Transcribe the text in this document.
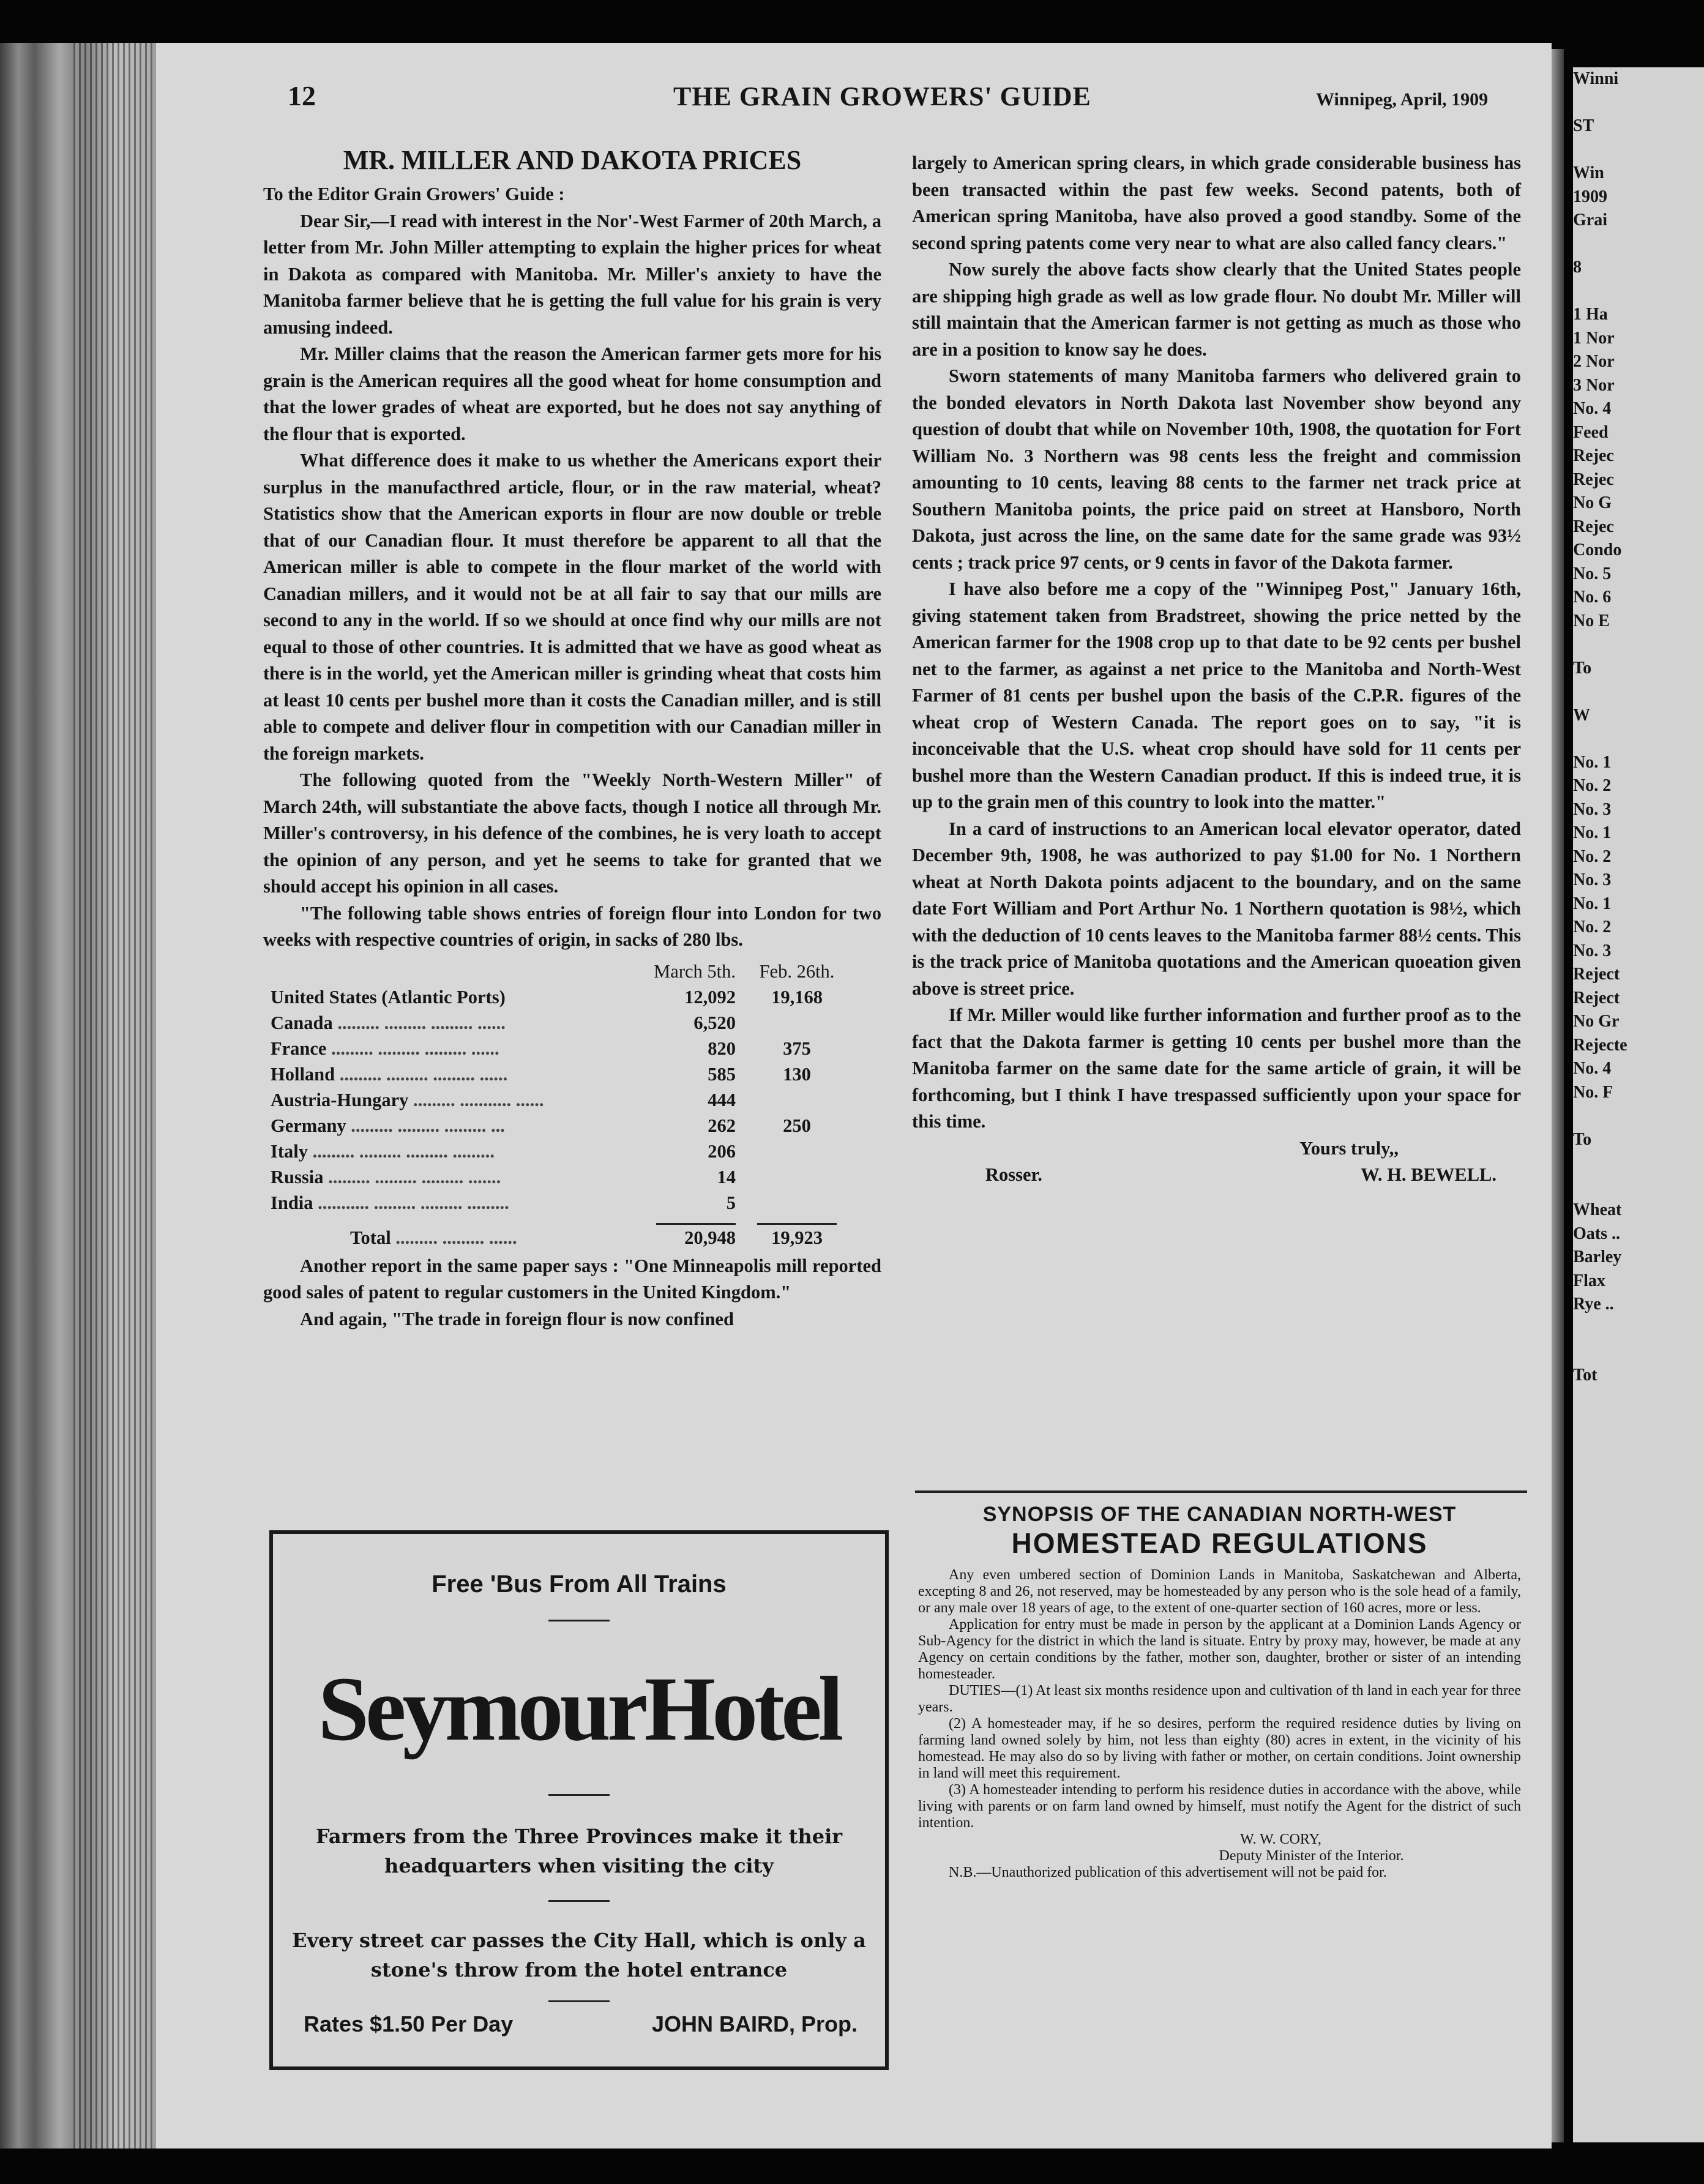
12	THE GRAIN GROWERS' GUIDE	Winnipeg, April, 1909
MR. MILLER AND DAKOTA PRICES

To the Editor Grain Growers' Guide :

Dear Sir,—I read with interest in the Nor'-West Farmer of 20th March, a letter from Mr. John Miller attempting to explain the higher prices for wheat in Dakota as compared with Manitoba. Mr. Miller's anxiety to have the Manitoba farmer believe that he is getting the full value for his grain is very amusing indeed.

Mr. Miller claims that the reason the American farmer gets more for his grain is the American requires all the good wheat for home consumption and that the lower grades of wheat are exported, but he does not say anything of the flour that is exported.

What difference does it make to us whether the Americans export their surplus in the manufacthred article, flour, or in the raw material, wheat? Statistics show that the American exports in flour are now double or treble that of our Canadian flour. It must therefore be apparent to all that the American miller is able to compete in the flour market of the world with Canadian millers, and it would not be at all fair to say that our mills are second to any in the world. If so we should at once find why our mills are not equal to those of other countries. It is admitted that we have as good wheat as there is in the world, yet the American miller is grinding wheat that costs him at least 10 cents per bushel more than it costs the Canadian miller, and is still able to compete and deliver flour in competition with our Canadian miller in the foreign markets.

The following quoted from the "Weekly North-Western Miller" of March 24th, will substantiate the above facts, though I notice all through Mr. Miller's controversy, in his defence of the combines, he is very loath to accept the opinion of any person, and yet he seems to take for granted that we should accept his opinion in all cases.

"The following table shows entries of foreign flour into London for two weeks with respective countries of origin, in sacks of 280 lbs.

	March 5th.	Feb. 26th.
United States (Atlantic Ports)	12,092	19,168
Canada ......... ......... ......... ......	6,520	
France ......... ......... ......... ......	820	375
Holland ......... ......... ......... ......	585	130
Austria-Hungary ......... ........... ......	444	
Germany ......... ......... ......... ...	262	250
Italy ......... ......... ......... .........	206	
Russia ......... ......... ......... .......	14	
India ........... ......... ......... .........	5	

Total ......... ......... ......	20,948	19,923

Another report in the same paper says : "One Minneapolis mill reported good sales of patent to regular customers in the United Kingdom."

And again, "The trade in foreign flour is now confined

largely to American spring clears, in which grade considerable business has been transacted within the past few weeks. Second patents, both of American spring Manitoba, have also proved a good standby. Some of the second spring patents come very near to what are also called fancy clears."

Now surely the above facts show clearly that the United States people are shipping high grade as well as low grade flour. No doubt Mr. Miller will still maintain that the American farmer is not getting as much as those who are in a position to know say he does.

Sworn statements of many Manitoba farmers who delivered grain to the bonded elevators in North Dakota last November show beyond any question of doubt that while on November 10th, 1908, the quotation for Fort William No. 3 Northern was 98 cents less the freight and commission amounting to 10 cents, leaving 88 cents to the farmer net track price at Southern Manitoba points, the price paid on street at Hansboro, North Dakota, just across the line, on the same date for the same grade was 93½ cents ; track price 97 cents, or 9 cents in favor of the Dakota farmer.

I have also before me a copy of the "Winnipeg Post," January 16th, giving statement taken from Bradstreet, showing the price netted by the American farmer for the 1908 crop up to that date to be 92 cents per bushel net to the farmer, as against a net price to the Manitoba and North-West Farmer of 81 cents per bushel upon the basis of the C.P.R. figures of the wheat crop of Western Canada. The report goes on to say, "it is inconceivable that the U.S. wheat crop should have sold for 11 cents per bushel more than the Western Canadian product. If this is indeed true, it is up to the grain men of this country to look into the matter."

In a card of instructions to an American local elevator operator, dated December 9th, 1908, he was authorized to pay $1.00 for No. 1 Northern wheat at North Dakota points adjacent to the boundary, and on the same date Fort William and Port Arthur No. 1 Northern quotation is 98½, which with the deduction of 10 cents leaves to the Manitoba farmer 88½ cents. This is the track price of Manitoba quotations and the American quoeation given above is street price.

If Mr. Miller would like further information and further proof as to the fact that the Dakota farmer is getting 10 cents per bushel more than the Manitoba farmer on the same date for the same article of grain, it will be forthcoming, but I think I have trespassed sufficiently upon your space for this time.

Yours truly,,

Rosser.	W. H. BEWELL.

Free 'Bus From All Trains
SeymourHotel
Farmers from the Three Provinces make it their
headquarters when visiting the city
Every street car passes the City Hall, which is only a
stone's throw from the hotel entrance
Rates $1.50 Per Day	JOHN BAIRD, Prop.
SYNOPSIS OF THE CANADIAN NORTH-WEST
HOMESTEAD REGULATIONS

Any even umbered section of Dominion Lands in Manitoba, Saskatchewan and Alberta, excepting 8 and 26, not reserved, may be homesteaded by any person who is the sole head of a family, or any male over 18 years of age, to the extent of one-quarter section of 160 acres, more or less.

Application for entry must be made in person by the applicant at a Dominion Lands Agency or Sub-Agency for the district in which the land is situate. Entry by proxy may, however, be made at any Agency on certain conditions by the father, mother son, daughter, brother or sister of an intending homesteader.

DUTIES—(1) At least six months residence upon and cultivation of th land in each year for three years.

(2) A homesteader may, if he so desires, perform the required residence duties by living on farming land owned solely by him, not less than eighty (80) acres in extent, in the vicinity of his homestead. He may also do so by living with father or mother, on certain conditions. Joint ownership in land will meet this requirement.

(3) A homesteader intending to perform his residence duties in accordance with the above, while living with parents or on farm land owned by himself, must notify the Agent for the district of such intention.

W. W. CORY,

Deputy Minister of the Interior.

N.B.—Unauthorized publication of this advertisement will not be paid for.

Winni

ST

Win
1909
Grai

8

1 Ha
1 Nor
2 Nor
3 Nor
No. 4
Feed
Rejec
Rejec
No G
Rejec
Condo
No. 5
No. 6
No E

To

W

No. 1
No. 2
No. 3
No. 1
No. 2
No. 3
No. 1
No. 2
No. 3
Reject
Reject
No Gr
Rejecte
No. 4
No. F

To

Wheat
Oats ..
Barley
Flax
Rye ..

Tot
